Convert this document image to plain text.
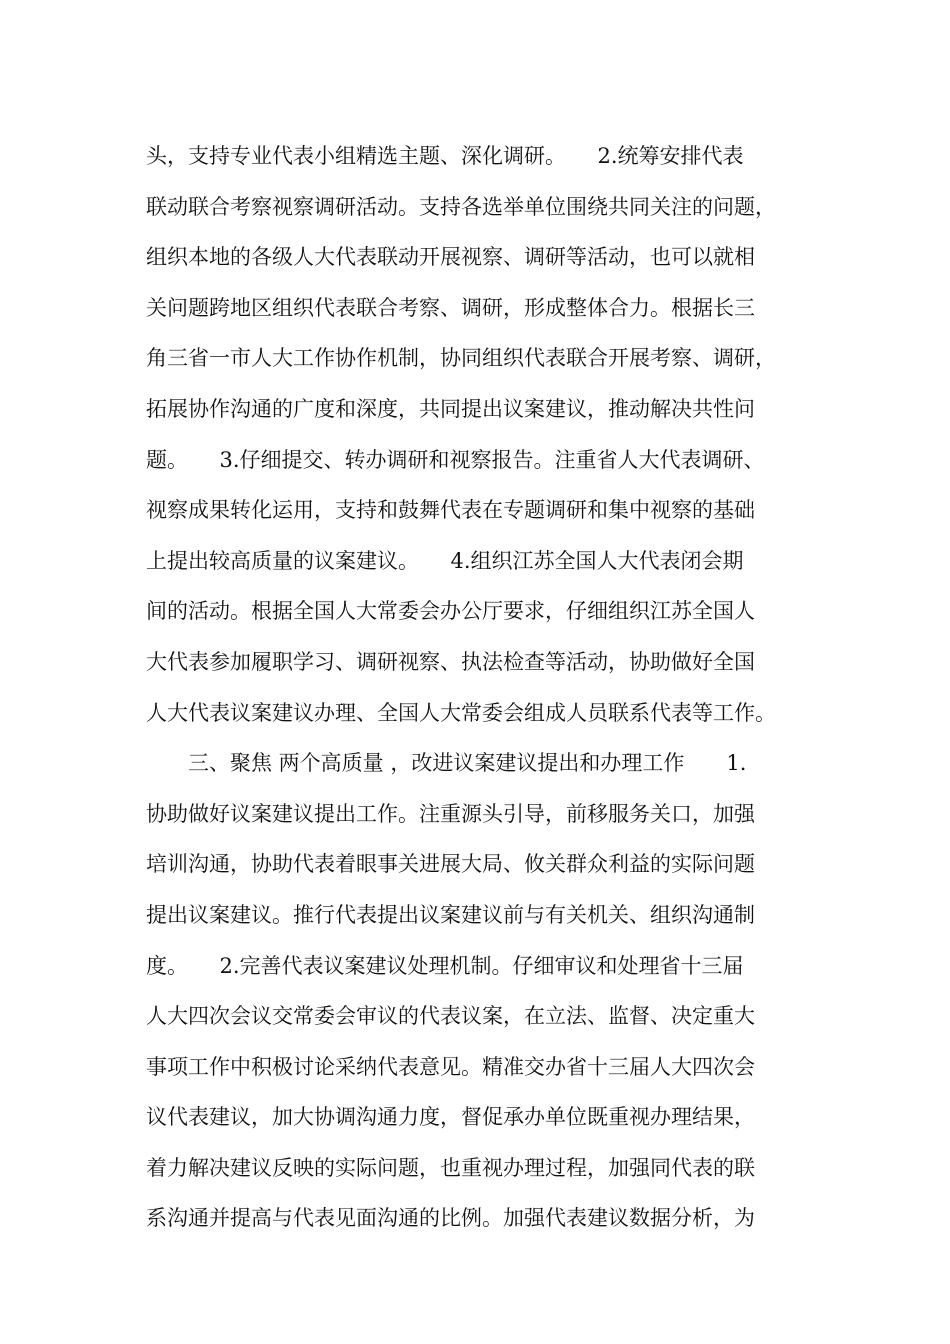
头，支持专业代表小组精选主题、深化调研。　　2.统筹安排代表
联动联合考察视察调研活动。支持各选举单位围绕共同关注的问题，
组织本地的各级人大代表联动开展视察、调研等活动，也可以就相
关问题跨地区组织代表联合考察、调研，形成整体合力。根据长三
角三省一市人大工作协作机制，协同组织代表联合开展考察、调研，
拓展协作沟通的广度和深度，共同提出议案建议，推动解决共性问
题。　　3.仔细提交、转办调研和视察报告。注重省人大代表调研、
视察成果转化运用，支持和鼓舞代表在专题调研和集中视察的基础
上提出较高质量的议案建议。　　4.组织江苏全国人大代表闭会期
间的活动。根据全国人大常委会办公厅要求，仔细组织江苏全国人
大代表参加履职学习、调研视察、执法检查等活动，协助做好全国
人大代表议案建议办理、全国人大常委会组成人员联系代表等工作。
三、聚焦 两个高质量 ，改进议案建议提出和办理工作　　1.
协助做好议案建议提出工作。注重源头引导，前移服务关口，加强
培训沟通，协助代表着眼事关进展大局、攸关群众利益的实际问题
提出议案建议。推行代表提出议案建议前与有关机关、组织沟通制
度。　　2.完善代表议案建议处理机制。仔细审议和处理省十三届
人大四次会议交常委会审议的代表议案，在立法、监督、决定重大
事项工作中积极讨论采纳代表意见。精准交办省十三届人大四次会
议代表建议，加大协调沟通力度，督促承办单位既重视办理结果，
着力解决建议反映的实际问题，也重视办理过程，加强同代表的联
系沟通并提高与代表见面沟通的比例。加强代表建议数据分析，为
